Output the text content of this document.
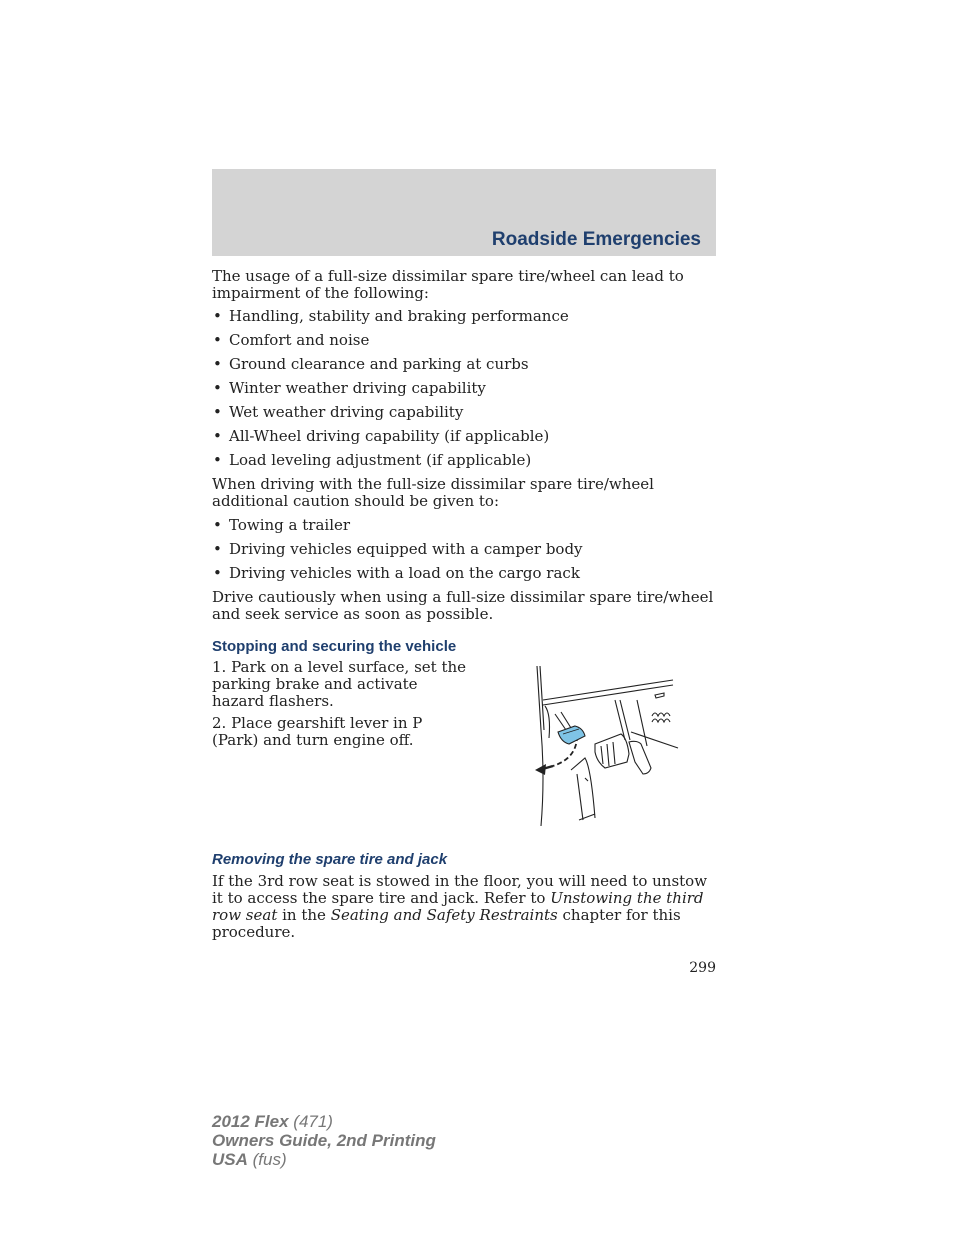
Roadside Emergencies

The usage of a full-size dissimilar spare tire/wheel can lead to impairment of the following:

• Handling, stability and braking performance
• Comfort and noise
• Ground clearance and parking at curbs
• Winter weather driving capability
• Wet weather driving capability
• All-Wheel driving capability (if applicable)
• Load leveling adjustment (if applicable)

When driving with the full-size dissimilar spare tire/wheel additional caution should be given to:

• Towing a trailer
• Driving vehicles equipped with a camper body
• Driving vehicles with a load on the cargo rack

Drive cautiously when using a full-size dissimilar spare tire/wheel and seek service as soon as possible.

Stopping and securing the vehicle

1. Park on a level surface, set the parking brake and activate hazard flashers.

2. Place gearshift lever in P (Park) and turn engine off.

Removing the spare tire and jack

If the 3rd row seat is stowed in the floor, you will need to unstow it to access the spare tire and jack. Refer to Unstowing the third row seat in the Seating and Safety Restraints chapter for this procedure.

299
2012 Flex (471)
Owners Guide, 2nd Printing
USA (fus)
